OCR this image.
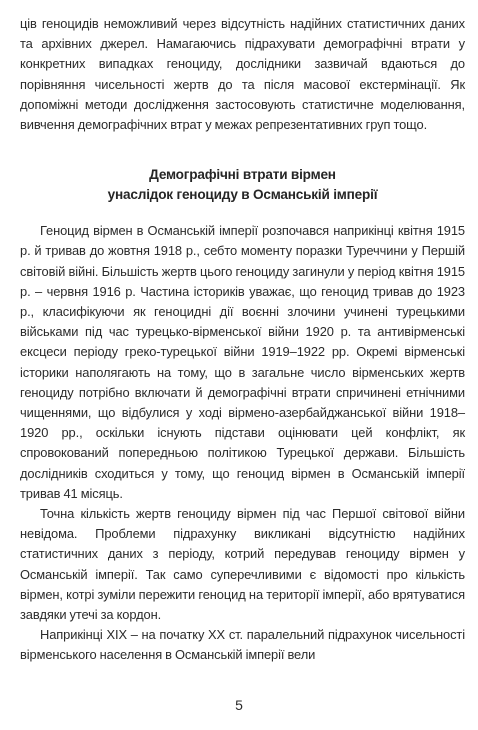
ців геноцидів неможливий через відсутність надійних статистичних даних та архівних джерел. Намагаючись підрахувати демографічні втрати у конкретних випадках геноциду, дослідники зазвичай вдаються до порівняння чисельності жертв до та після масової екстермінації. Як допоміжні методи дослідження застосовують статистичне моделювання, вивчення демографічних втрат у межах репрезентативних груп тощо.

Демографічні втрати вірмен
унаслідок геноциду в Османській імперії

Геноцид вірмен в Османській імперії розпочався наприкінці квітня 1915 р. й тривав до жовтня 1918 р., себто моменту поразки Туреччини у Першій світовій війні. Більшість жертв цього геноциду загинули у період квітня 1915 р. – червня 1916 р. Частина істориків уважає, що геноцид тривав до 1923 р., класифікуючи як геноцидні дії воєнні злочини учинені турецькими військами під час турецько-вірменської війни 1920 р. та антивірменські ексцеси періоду греко-турецької війни 1919–1922 рр. Окремі вірменські історики наполягають на тому, що в загальне число вірменських жертв геноциду потрібно включати й демографічні втрати спричинені етнічними чищеннями, що відбулися у ході вірмено-азербайджанської війни 1918–1920 рр., оскільки існують підстави оцінювати цей конфлікт, як спровокований попередньою політикою Турецької держави. Більшість дослідників сходиться у тому, що геноцид вірмен в Османській імперії тривав 41 місяць.

Точна кількість жертв геноциду вірмен під час Першої світової війни невідома. Проблеми підрахунку викликані відсутністю надійних статистичних даних з періоду, котрий передував геноциду вірмен у Османській імперії. Так само суперечливими є відомості про кількість вірмен, котрі зуміли пережити геноцид на території імперії, або врятуватися завдяки утечі за кордон.

Наприкінці XIX – на початку XX ст. паралельний підрахунок чисельності вірменського населення в Османській імперії вели

5
